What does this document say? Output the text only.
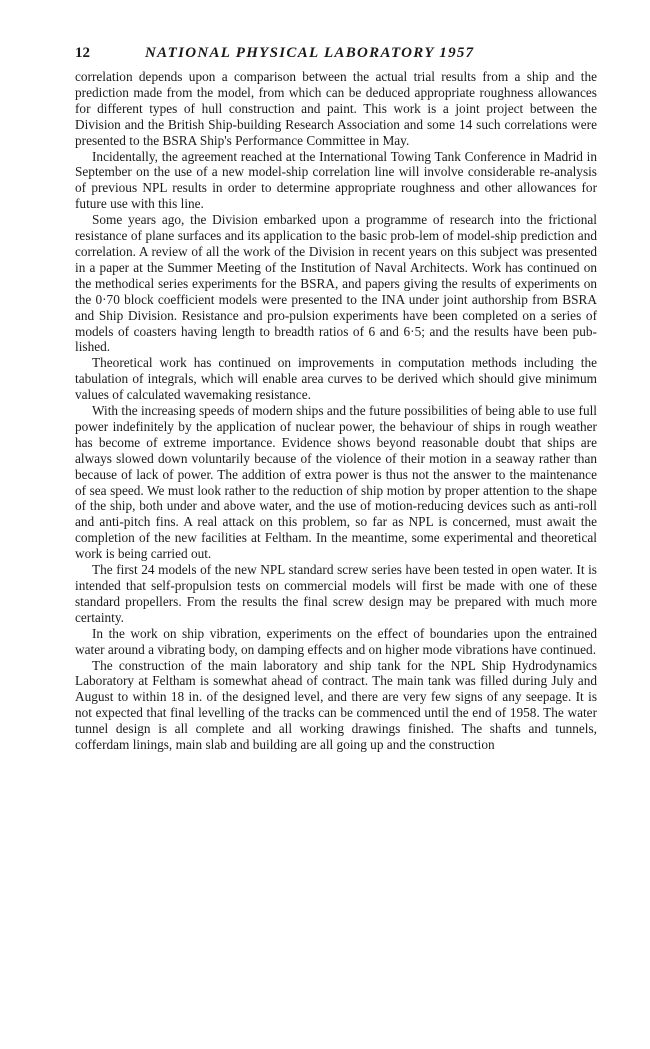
12	NATIONAL PHYSICAL LABORATORY 1957

correlation depends upon a comparison between the actual trial results from a ship and the prediction made from the model, from which can be deduced appropriate roughness allowances for different types of hull construction and paint. This work is a joint project between the Division and the British Ship-building Research Association and some 14 such correlations were presented to the BSRA Ship's Performance Committee in May.

Incidentally, the agreement reached at the International Towing Tank Conference in Madrid in September on the use of a new model-ship correlation line will involve considerable re-analysis of previous NPL results in order to determine appropriate roughness and other allowances for future use with this line.

Some years ago, the Division embarked upon a programme of research into the frictional resistance of plane surfaces and its application to the basic prob-lem of model-ship prediction and correlation. A review of all the work of the Division in recent years on this subject was presented in a paper at the Summer Meeting of the Institution of Naval Architects. Work has continued on the methodical series experiments for the BSRA, and papers giving the results of experiments on the 0·70 block coefficient models were presented to the INA under joint authorship from BSRA and Ship Division. Resistance and pro-pulsion experiments have been completed on a series of models of coasters having length to breadth ratios of 6 and 6·5; and the results have been pub-lished.

Theoretical work has continued on improvements in computation methods including the tabulation of integrals, which will enable area curves to be derived which should give minimum values of calculated wavemaking resistance.

With the increasing speeds of modern ships and the future possibilities of being able to use full power indefinitely by the application of nuclear power, the behaviour of ships in rough weather has become of extreme importance. Evidence shows beyond reasonable doubt that ships are always slowed down voluntarily because of the violence of their motion in a seaway rather than because of lack of power. The addition of extra power is thus not the answer to the maintenance of sea speed. We must look rather to the reduction of ship motion by proper attention to the shape of the ship, both under and above water, and the use of motion-reducing devices such as anti-roll and anti-pitch fins. A real attack on this problem, so far as NPL is concerned, must await the completion of the new facilities at Feltham. In the meantime, some experimental and theoretical work is being carried out.

The first 24 models of the new NPL standard screw series have been tested in open water. It is intended that self-propulsion tests on commercial models will first be made with one of these standard propellers. From the results the final screw design may be prepared with much more certainty.

In the work on ship vibration, experiments on the effect of boundaries upon the entrained water around a vibrating body, on damping effects and on higher mode vibrations have continued.

The construction of the main laboratory and ship tank for the NPL Ship Hydrodynamics Laboratory at Feltham is somewhat ahead of contract. The main tank was filled during July and August to within 18 in. of the designed level, and there are very few signs of any seepage. It is not expected that final levelling of the tracks can be commenced until the end of 1958. The water tunnel design is all complete and all working drawings finished. The shafts and tunnels, cofferdam linings, main slab and building are all going up and the construction
